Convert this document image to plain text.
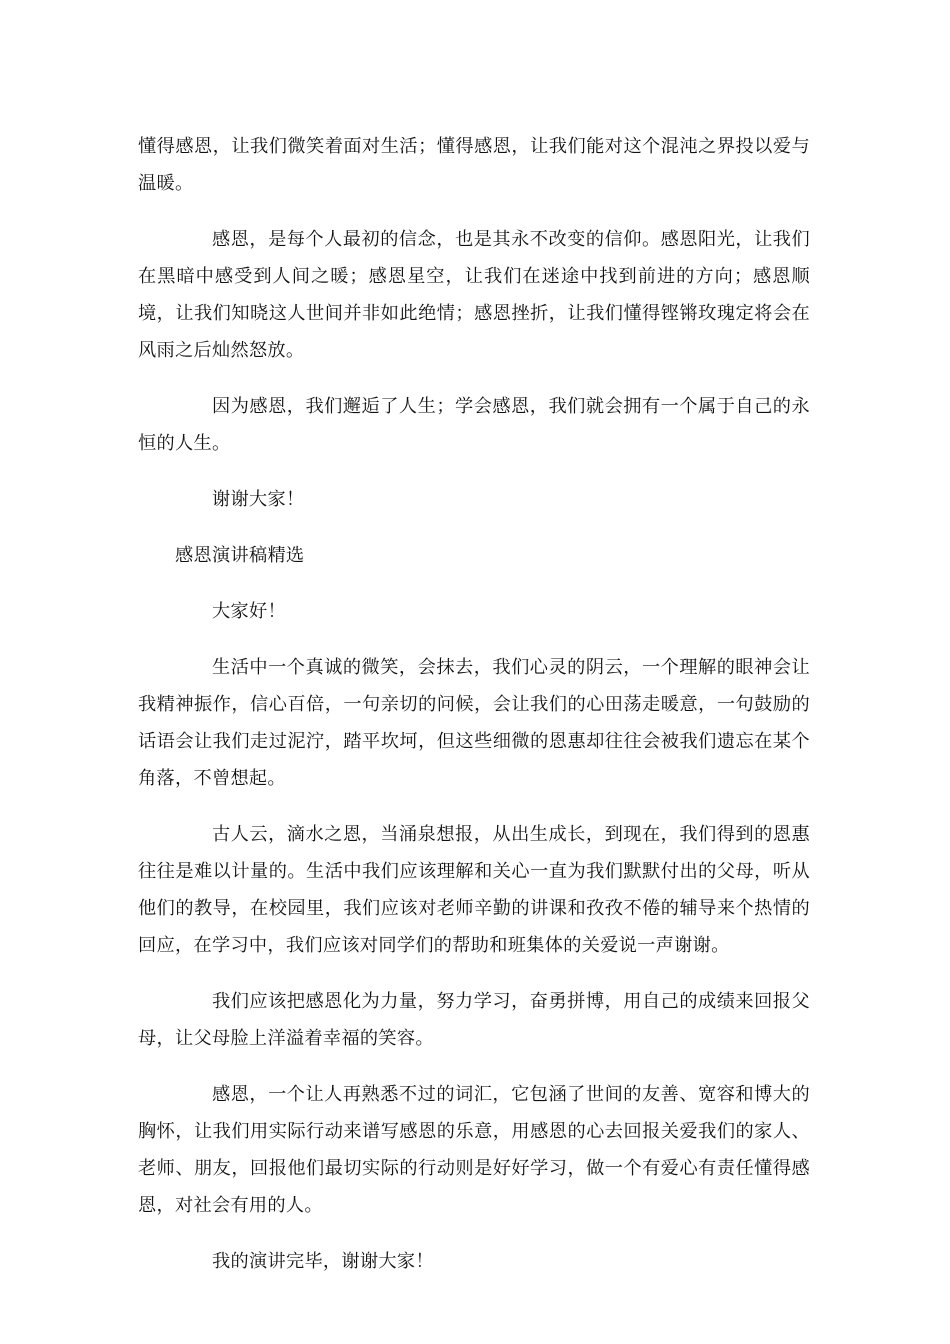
懂得感恩，让我们微笑着面对生活；懂得感恩，让我们能对这个混沌之界投以爱与温暖。

感恩，是每个人最初的信念，也是其永不改变的信仰。感恩阳光，让我们在黑暗中感受到人间之暖；感恩星空，让我们在迷途中找到前进的方向；感恩顺境，让我们知晓这人世间并非如此绝情；感恩挫折，让我们懂得铿锵玫瑰定将会在风雨之后灿然怒放。

因为感恩，我们邂逅了人生；学会感恩，我们就会拥有一个属于自己的永恒的人生。

谢谢大家！

感恩演讲稿精选

大家好！

生活中一个真诚的微笑，会抹去，我们心灵的阴云，一个理解的眼神会让我精神振作，信心百倍，一句亲切的问候，会让我们的心田荡走暖意，一句鼓励的话语会让我们走过泥泞，踏平坎坷，但这些细微的恩惠却往往会被我们遗忘在某个角落，不曾想起。

古人云，滴水之恩，当涌泉想报，从出生成长，到现在，我们得到的恩惠往往是难以计量的。生活中我们应该理解和关心一直为我们默默付出的父母，听从他们的教导，在校园里，我们应该对老师辛勤的讲课和孜孜不倦的辅导来个热情的回应，在学习中，我们应该对同学们的帮助和班集体的关爱说一声谢谢。

我们应该把感恩化为力量，努力学习，奋勇拼博，用自己的成绩来回报父母，让父母脸上洋溢着幸福的笑容。

感恩，一个让人再熟悉不过的词汇，它包涵了世间的友善、宽容和博大的胸怀，让我们用实际行动来谱写感恩的乐意，用感恩的心去回报关爱我们的家人、老师、朋友，回报他们最切实际的行动则是好好学习，做一个有爱心有责任懂得感恩，对社会有用的人。

我的演讲完毕，谢谢大家！
